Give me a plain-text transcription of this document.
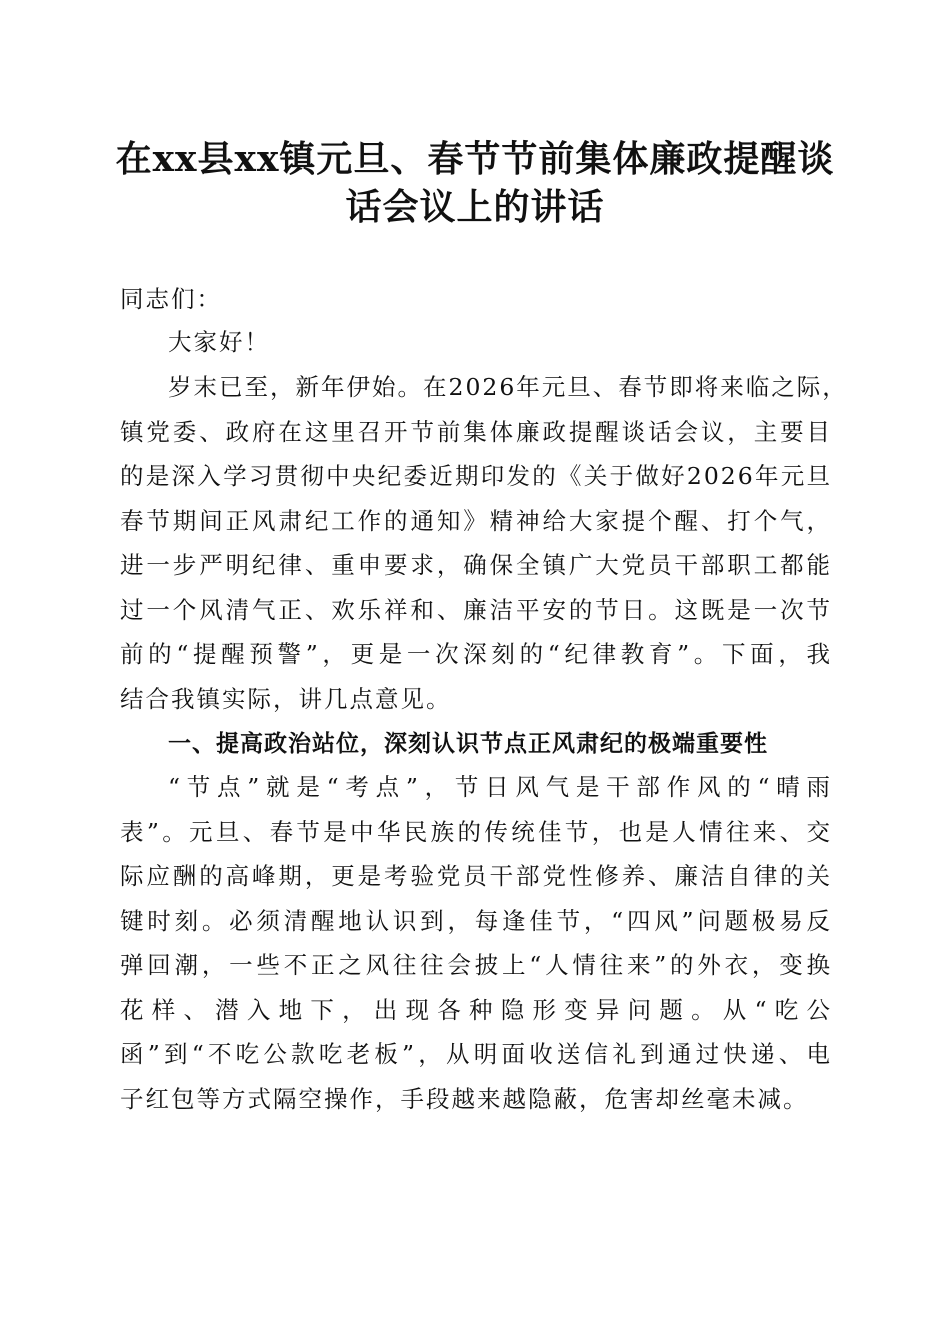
在xx县xx镇元旦、春节节前集体廉政提醒谈
话会议上的讲话
同志们：
大家好！
岁末已至，新年伊始。在2026年元旦、春节即将来临之际，
镇党委、政府在这里召开节前集体廉政提醒谈话会议，主要目
的是深入学习贯彻中央纪委近期印发的《关于做好2026年元旦
春节期间正风肃纪工作的通知》精神给大家提个醒、打个气，
进一步严明纪律、重申要求，确保全镇广大党员干部职工都能
过一个风清气正、欢乐祥和、廉洁平安的节日。这既是一次节
前的“提醒预警”，更是一次深刻的“纪律教育”。下面，我
结合我镇实际，讲几点意见。
一、提高政治站位，深刻认识节点正风肃纪的极端重要性
“节点”就是“考点”，节日风气是干部作风的“晴雨
表”。元旦、春节是中华民族的传统佳节，也是人情往来、交
际应酬的高峰期，更是考验党员干部党性修养、廉洁自律的关
键时刻。必须清醒地认识到，每逢佳节，“四风”问题极易反
弹回潮，一些不正之风往往会披上“人情往来”的外衣，变换
花样、潜入地下，出现各种隐形变异问题。从“吃公
函”到“不吃公款吃老板”，从明面收送信礼到通过快递、电
子红包等方式隔空操作，手段越来越隐蔽，危害却丝毫未减。
